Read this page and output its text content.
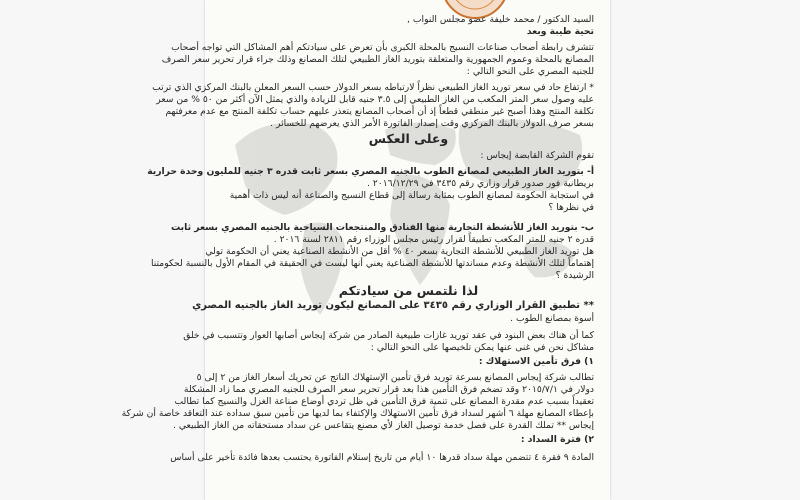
السيد الدكتور / محمد خليفة عضو مجلس النواب ,
تحية طيبة وبعد
تتشرف رابطة أصحاب صناعات النسيج بالمحلة الكبرى بأن تعرض على سيادتكم أهم المشاكل التي تواجه أصحاب
المصانع بالمحلة وعموم الجمهورية والمتعلقة بتوريد الغاز الطبيعي لتلك المصانع وذلك جراء قرار تحرير سعر الصرف
للجنيه المصري على النحو التالي :
* ارتفاع حاد في سعر توريد الغاز الطبيعي نظراً لارتباطه بسعر الدولار حسب السعر المعلن بالبنك المركزي الذي ترتب
عليه وصول سعر المتر المكعب من الغاز الطبيعي إلى ٣.٥ جنيه قابل للزيادة والذي يمثل الآن أكثر من ٥٠ % من سعر
تكلفة المنتج وهذا أصبح غير منطقي قطعاً إذ أن أصحاب المصانع يتعذر عليهم حساب تكلفة المنتج مع عدم معرفتهم
بسعر صرف الدولار بالبنك المركزي وقت إصدار الفاتورة الأمر الذي يعرضهم للخسائر .
وعلى العكس
تقوم الشركة القابضة إيجاس :
أ- بتوريد الغاز الطبيعي لمصانع الطوب بالجنيه المصري بسعر ثابت قدره ٣ جنيه للمليون وحدة حرارية
بريطانية فور صدور قرار وزاري رقم ٣٤٣٥ في ٢٠١٦/١٢/٢٩ .
في استجابة الحكومة لمصانع الطوب بمثابة رسالة إلى قطاع النسيج والصناعة أنه ليس ذات أهمية
في نظرها ؟
ب- بتوريد الغاز للأنشطة التجارية منها الفنادق والمنتجعات السياحية بالجنيه المصري بسعر ثابت
قدره ٢ جنيه للمتر المكعب تطبيقاً لقرار رئيس مجلس الوزراء رقم ٢٨١١ لسنة ٢٠١٦ .
هل توريد الغاز الطبيعي للأنشطة التجارية بسعر ٤٠ % أقل من الأنشطة الصناعية يعني أن الحكومة تولي
إهتماماً لتلك الأنشطة وعدم مساندتها للأنشطة الصناعية يعني أنها ليست في الحقيقة في المقام الأول بالنسبة لحكومتنا
الرشيدة ؟
لذا نلتمس من سيادتكم
** تطبيق القرار الوزاري رقم ٣٤٣٥ على المصانع ليكون توريد الغاز بالجنيه المصري
أسوة بمصانع الطوب .
كما أن هناك بعض البنود في عقد توريد غازات طبيعية الصادر من شركة إيجاس أصابها العوار وتتسبب في خلق
مشاكل نحن في غنى عنها يمكن تلخيصها على النحو التالي :
١) فرق تأمين الاستهلاك :
تطالب شركة إيجاس المصانع بسرعة توريد فرق تأمين الإستهلاك الناتج عن تحريك أسعار الغاز من ٢ إلى ٥
دولار في ٢٠١٥/٧/١ وقد تضخم فرق التأمين هذا بعد قرار تحرير سعر الصرف للجنيه المصري مما زاد المشكلة
تعقيداً بسبب عدم مقدرة المصانع على تنمية فرق التأمين في ظل تردي أوضاع صناعة الغزل والنسيج كما تطالب
بإعطاء المصانع مهلة ٦ أشهر لسداد فرق تأمين الاستهلاك والإكتفاء بما لديها من تأمين سبق سداده عند التعاقد خاصة أن شركة
إيجاس ** تملك القدرة على فصل خدمة توصيل الغاز لأي مصنع يتقاعس عن سداد مستحقاته من الغاز الطبيعي .
٢) فترة السداد :
المادة ٩ فقرة ٤ تتضمن مهلة سداد قدرها ١٠ أيام من تاريخ إستلام الفاتورة يحتسب بعدها فائدة تأخير على أساس
